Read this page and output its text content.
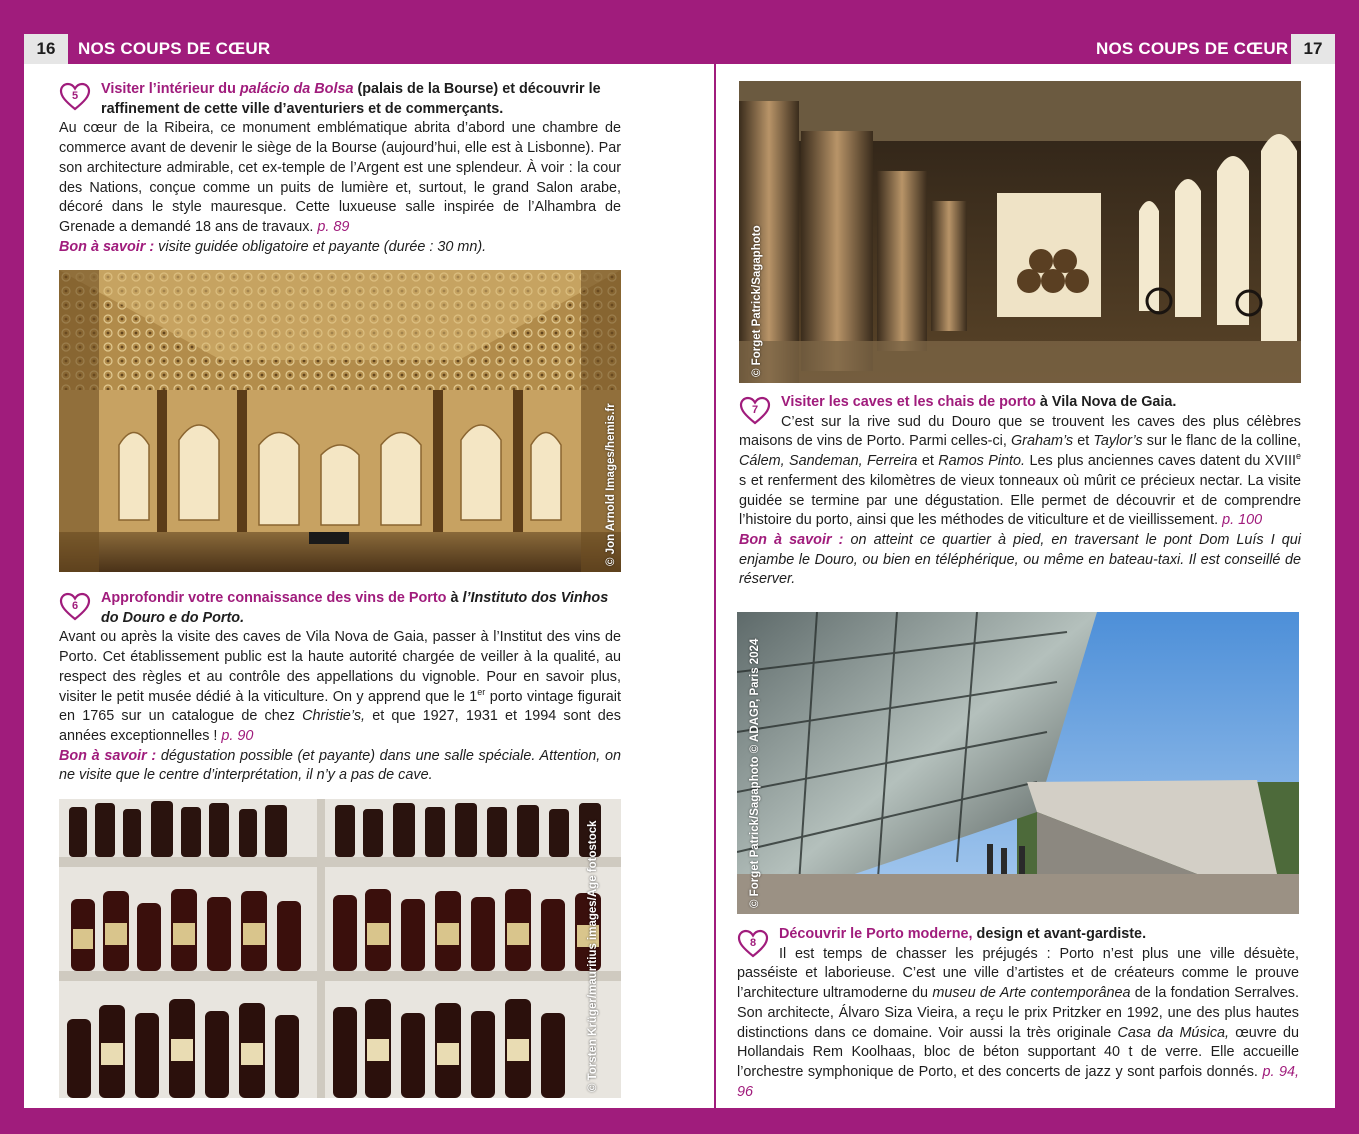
16	NOS COUPS DE CŒUR	NOS COUPS DE CŒUR 17
5	Visiter l’intérieur du palácio da Bolsa (palais de la Bourse) et découvrir le raffinement de cette ville d’aventuriers et de commerçants.

Au cœur de la Ribeira, ce monument emblématique abrita d’abord une chambre de commerce avant de devenir le siège de la Bourse (aujourd’hui, elle est à Lisbonne). Par son architecture admirable, cet ex-temple de l’Argent est une splendeur. À voir : la cour des Nations, conçue comme un puits de lumière et, surtout, le grand Salon arabe, décoré dans le style mauresque. Cette luxueuse salle inspirée de l’Alhambra de Grenade a demandé 18 ans de travaux. p. 89

Bon à savoir : visite guidée obligatoire et payante (durée : 30 mn).

© Jon Arnold Images/hemis.fr
6	Approfondir votre connaissance des vins de Porto à l’Instituto dos Vinhos do Douro e do Porto.

Avant ou après la visite des caves de Vila Nova de Gaia, passer à l’Institut des vins de Porto. Cet établissement public est la haute autorité chargée de veiller à la qualité, au respect des règles et au contrôle des appellations du vignoble. Pour en savoir plus, visiter le petit musée dédié à la viticulture. On y apprend que le 1er porto vintage figurait en 1765 sur un catalogue de chez Christie’s, et que 1927, 1931 et 1994 sont des années exceptionnelles ! p. 90

Bon à savoir : dégustation possible (et payante) dans une salle spéciale. Attention, on ne visite que le centre d’interprétation, il n’y a pas de cave.

© Torsten Krüger/mauritius images/Age fotostock
© Forget Patrick/Sagaphoto
7	Visiter les caves et les chais de porto à Vila Nova de Gaia.

C’est sur la rive sud du Douro que se trouvent les caves des plus célèbres maisons de vins de Porto. Parmi celles-ci, Graham’s et Taylor’s sur le flanc de la colline, Cálem, Sandeman, Ferreira et Ramos Pinto. Les plus anciennes caves datent du XVIIIe s et renferment des kilomètres de vieux tonneaux où mûrit ce précieux nectar. La visite guidée se termine par une dégustation. Elle permet de découvrir et de comprendre l’histoire du porto, ainsi que les méthodes de viticulture et de vieillissement. p. 100

Bon à savoir : on atteint ce quartier à pied, en traversant le pont Dom Luís I qui enjambe le Douro, ou bien en téléphérique, ou même en bateau-taxi. Il est conseillé de réserver.

© Forget Patrick/Sagaphoto © ADAGP, Paris 2024
8

Découvrir le Porto moderne, design et avant-gardiste.

Il est temps de chasser les préjugés : Porto n’est plus une ville désuète, passéiste et laborieuse. C’est une ville d’artistes et de créateurs comme le prouve l’architecture ultramoderne du museu de Arte contemporânea de la fondation Serralves. Son architecte, Álvaro Siza Vieira, a reçu le prix Pritzker en 1992, une des plus hautes distinctions dans ce domaine. Voir aussi la très originale Casa da Música, œuvre du Hollandais Rem Koolhaas, bloc de béton supportant 40 t de verre. Elle accueille l’orchestre symphonique de Porto, et des concerts de jazz y sont parfois donnés. p. 94, 96
